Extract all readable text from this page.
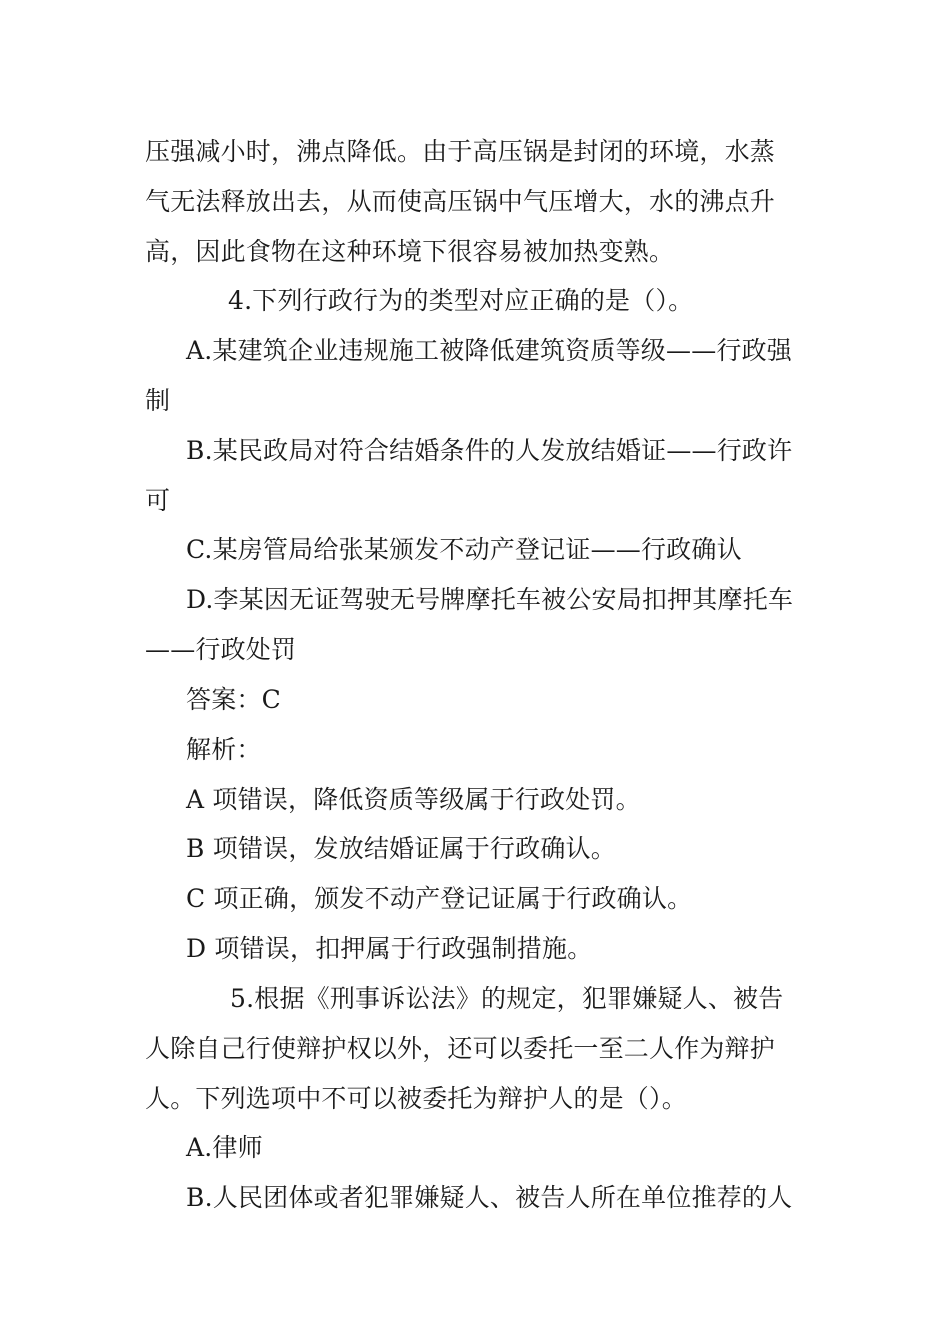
压强减小时，沸点降低。由于高压锅是封闭的环境，水蒸
气无法释放出去，从而使高压锅中气压增大，水的沸点升
高，因此食物在这种环境下很容易被加热变熟。
4.下列行政行为的类型对应正确的是（）。
A.某建筑企业违规施工被降低建筑资质等级——行政强
制
B.某民政局对符合结婚条件的人发放结婚证——行政许
可
C.某房管局给张某颁发不动产登记证——行政确认
D.李某因无证驾驶无号牌摩托车被公安局扣押其摩托车
——行政处罚
答案：C
解析：
A 项错误，降低资质等级属于行政处罚。
B 项错误，发放结婚证属于行政确认。
C 项正确，颁发不动产登记证属于行政确认。
D 项错误，扣押属于行政强制措施。
5.根据《刑事诉讼法》的规定，犯罪嫌疑人、被告
人除自己行使辩护权以外，还可以委托一至二人作为辩护
人。下列选项中不可以被委托为辩护人的是（）。
A.律师
B.人民团体或者犯罪嫌疑人、被告人所在单位推荐的人
